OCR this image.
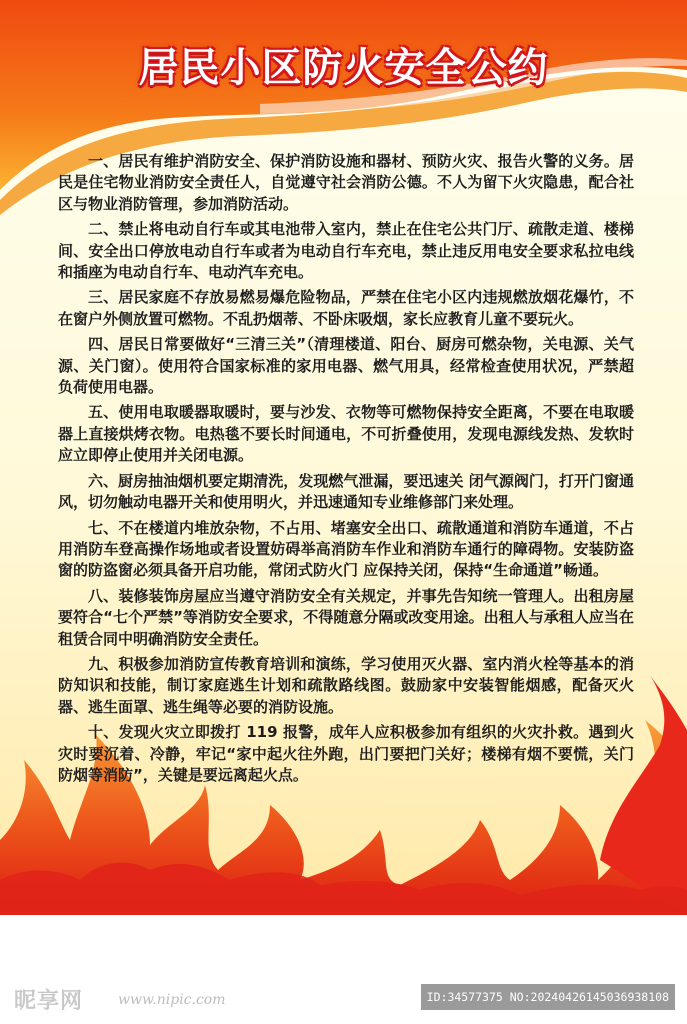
居民小区防火安全公约

一、居民有维护消防安全、保护消防设施和器材、预防火灾、报告火警的义务。居民是住宅物业消防安全责任人，自觉遵守社会消防公德。不人为留下火灾隐患，配合社区与物业消防管理，参加消防活动。

二、禁止将电动自行车或其电池带入室内，禁止在住宅公共门厅、疏散走道、楼梯间、安全出口停放电动自行车或者为电动自行车充电，禁止违反用电安全要求私拉电线和插座为电动自行车、电动汽车充电。

三、居民家庭不存放易燃易爆危险物品，严禁在住宅小区内违规燃放烟花爆竹，不在窗户外侧放置可燃物。不乱扔烟蒂、不卧床吸烟，家长应教育儿童不要玩火。

四、居民日常要做好“三清三关”（清理楼道、阳台、厨房可燃杂物，关电源、关气源、关门窗）。使用符合国家标准的家用电器、燃气用具，经常检查使用状况，严禁超负荷使用电器。

五、使用电取暖器取暖时，要与沙发、衣物等可燃物保持安全距离，不要在电取暖器上直接烘烤衣物。电热毯不要长时间通电，不可折叠使用，发现电源线发热、发软时应立即停止使用并关闭电源。

六、厨房抽油烟机要定期清洗，发现燃气泄漏，要迅速关 闭气源阀门，打开门窗通风，切勿触动电器开关和使用明火，并迅速通知专业维修部门来处理。

七、不在楼道内堆放杂物，不占用、堵塞安全出口、疏散通道和消防车通道，不占用消防车登高操作场地或者设置妨碍举高消防车作业和消防车通行的障碍物。安装防盗窗的防盗窗必须具备开启功能，常闭式防火门 应保持关闭，保持“生命通道”畅通。

八、装修装饰房屋应当遵守消防安全有关规定，并事先告知统一管理人。出租房屋要符合“七个严禁”等消防安全要求，不得随意分隔或改变用途。出租人与承租人应当在租赁合同中明确消防安全责任。

九、积极参加消防宣传教育培训和演练，学习使用灭火器、室内消火栓等基本的消防知识和技能，制订家庭逃生计划和疏散路线图。鼓励家中安装智能烟感，配备灭火器、逃生面罩、逃生绳等必要的消防设施。

十、发现火灾立即拨打 119 报警，成年人应积极参加有组织的火灾扑救。遇到火灾时要沉着、冷静，牢记“家中起火往外跑，出门要把门关好；楼梯有烟不要慌，关门防烟等消防”，关键是要远离起火点。

昵享网 www.nipic.com	ID:34577375 NO:20240426145036938108
